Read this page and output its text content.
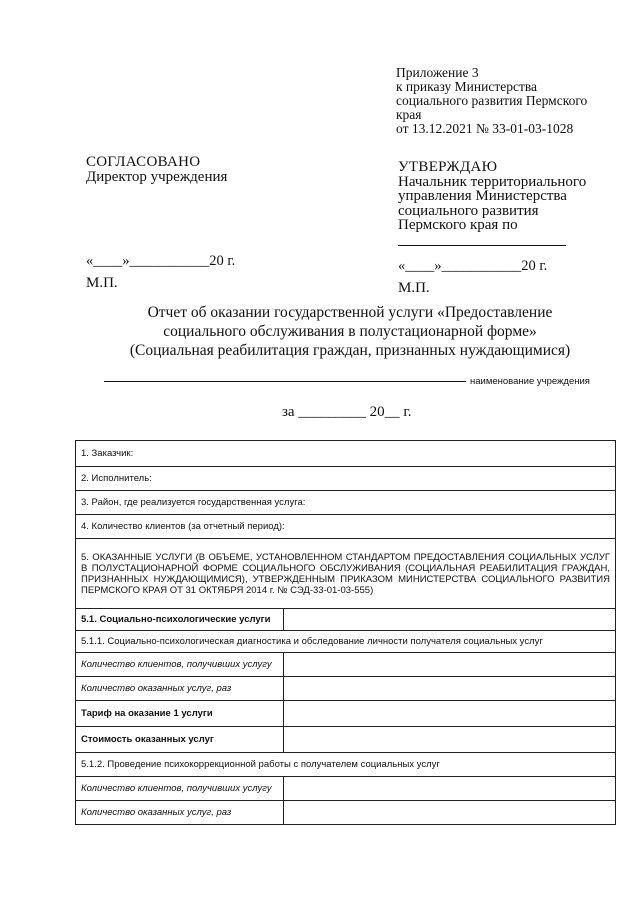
Приложение 3
к приказу Министерства
социального развития Пермского
края
от 13.12.2021 № 33-01-03-1028
СОГЛАСОВАНО
Директор учреждения
УТВЕРЖДАЮ
Начальник территориального
управления Министерства
социального развития
Пермского края по
«____»___________20 г.	«____»___________20 г.
М.П.	М.П.
Отчет об оказании государственной услуги «Предоставление
социального обслуживания в полустационарной форме»
(Социальная реабилитация граждан, признанных нуждающимися)
наименование учреждения
за _________ 20__ г.
1. Заказчик:	
2. Исполнитель:	
3. Район, где реализуется государственная услуга:	
4. Количество клиентов (за отчетный период):	
5. ОКАЗАННЫЕ УСЛУГИ (В ОБЪЕМЕ, УСТАНОВЛЕННОМ СТАНДАРТОМ ПРЕДОСТАВЛЕНИЯ СОЦИАЛЬНЫХ УСЛУГ В ПОЛУСТАЦИОНАРНОЙ ФОРМЕ СОЦИАЛЬНОГО ОБСЛУЖИВАНИЯ (СОЦИАЛЬНАЯ РЕАБИЛИТАЦИЯ ГРАЖДАН, ПРИЗНАННЫХ НУЖДАЮЩИМИСЯ), УТВЕРЖДЕННЫМ ПРИКАЗОМ МИНИСТЕРСТВА СОЦИАЛЬНОГО РАЗВИТИЯ ПЕРМСКОГО КРАЯ ОТ 31 ОКТЯБРЯ 2014 г. № СЭД-33-01-03-555)	
5.1. Социально-психологические услуги	
5.1.1. Социально-психологическая диагностика и обследование личности получателя социальных услуг	
Количество клиентов, получивших услугу	
Количество оказанных услуг, раз	
Тариф на оказание 1 услуги	
Стоимость оказанных услуг	
5.1.2. Проведение психокоррекционной работы с получателем социальных услуг	
Количество клиентов, получивших услугу	
Количество оказанных услуг, раз	
